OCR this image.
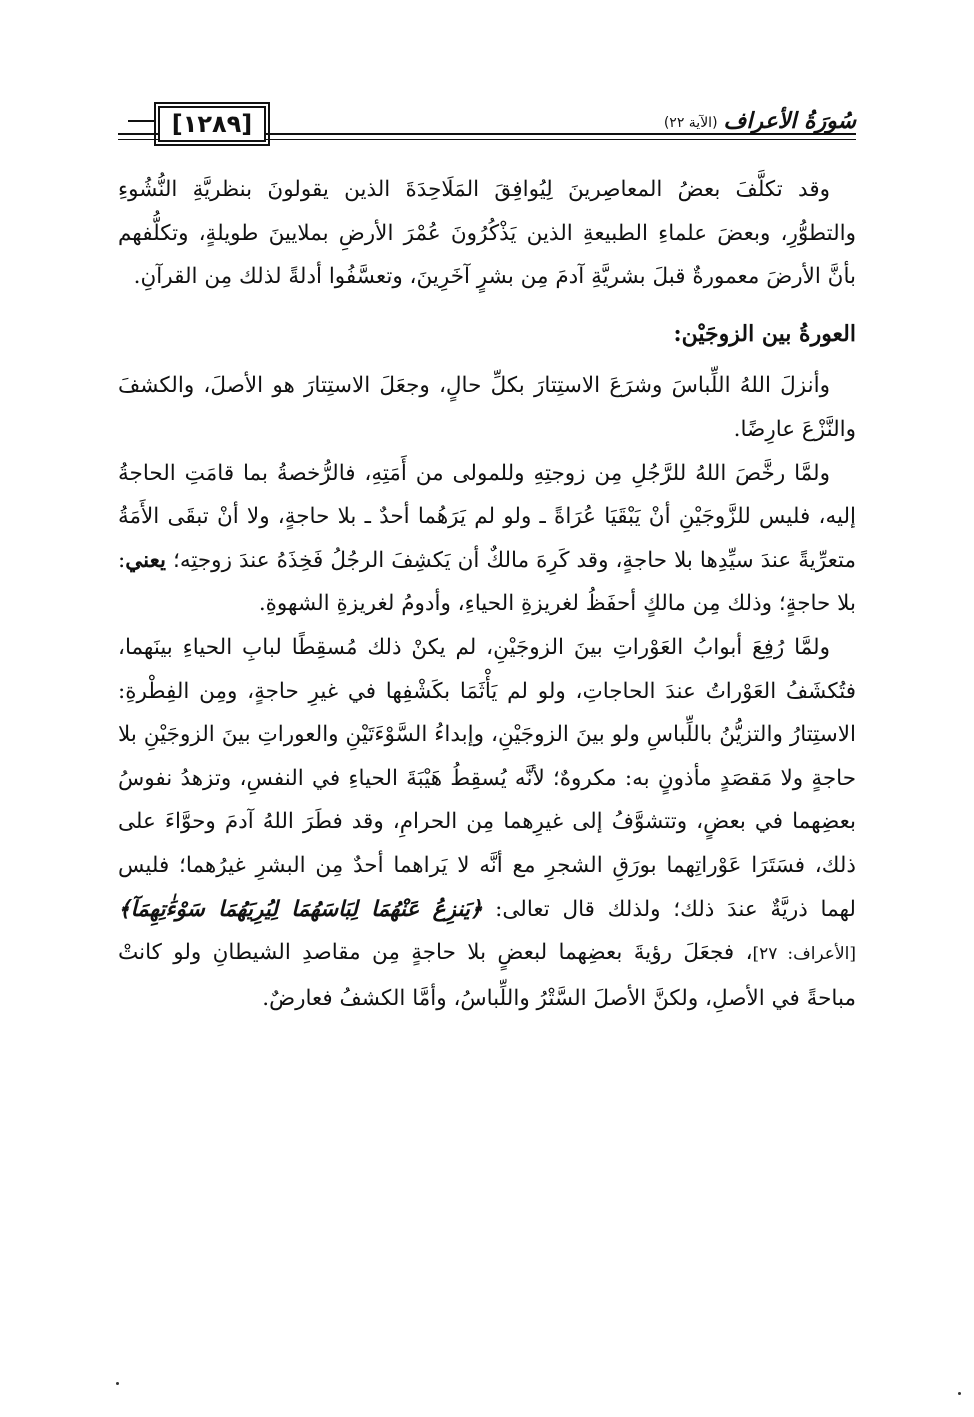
سُورَةُ الأعراف
(الآية ٢٢)
[١٢٨٩]

وقد تكلَّفَ بعضُ المعاصِرينَ لِيُوافِقَ المَلَاحِدَةَ الذين يقولونَ بنظريَّةِ النُّشُوءِ والتطوُّرِ، وبعضَ علماءِ الطبيعةِ الذين يَذْكُرُونَ عُمْرَ الأرضِ بملايينَ طويلةٍ، وتكلُّفهم بأنَّ الأرضَ معمورةٌ قبلَ بشريَّةِ آدمَ مِن بشرٍ آخَرِينَ، وتعسَّفُوا أدلةً لذلك مِن القرآنِ.

العورةُ بين الزوجَيْن:

وأنزلَ اللهُ اللِّباسَ وشرَعَ الاستِتارَ بكلِّ حالٍ، وجعَلَ الاستِتارَ هو الأصلَ، والكشفَ والنَّزْعَ عارِضًا.

ولمَّا رخَّصَ اللهُ للرَّجُلِ مِن زوجتِهِ وللمولى من أَمَتِهِ، فالرُّخصةُ بما قامَتِ الحاجةُ إليه، فليس للزَّوجَيْنِ أنْ يَبْقَيَا عُرَاةً ـ ولو لم يَرَهُما أحدٌ ـ بلا حاجةٍ، ولا أنْ تبقَى الأَمَةُ متعرِّيةً عندَ سيِّدِها بلا حاجةٍ، وقد كَرِهَ مالكٌ أن يَكشِفَ الرجُلُ فَخِذَهُ عندَ زوجتِه؛ يعني: بلا حاجةٍ؛ وذلك مِن مالكٍ أحفَظُ لغريزةِ الحياءِ، وأدومُ لغريزةِ الشهوةِ.

ولمَّا رُفِعَ أبوابُ العَوْراتِ بينَ الزوجَيْنِ، لم يكنْ ذلك مُسقِطًا لبابِ الحياءِ بينَهما، فتُكشَفُ العَوْراتُ عندَ الحاجاتِ، ولو لم يَأْثَمَا بكَشْفِها في غيرِ حاجةٍ، ومِن الفِطْرةِ: الاستِتارُ والتزيُّنُ باللِّباسِ ولو بينَ الزوجَيْنِ، وإبداءُ السَّوْءَتَيْنِ والعوراتِ بينَ الزوجَيْنِ بلا حاجةٍ ولا مَقصَدٍ مأذونٍ به: مكروهٌ؛ لأنَّه يُسقِطُ هَيْبَةَ الحياءِ في النفسِ، وتزهدُ نفوسُ بعضِهما في بعضٍ، وتتشوَّفُ إلى غيرِهما مِن الحرامِ، وقد فطَرَ اللهُ آدمَ وحوَّاءَ على ذلك، فسَتَرَا عَوْراتِهما بورَقِ الشجرِ مع أنَّه لا يَراهما أحدٌ مِن البشرِ غيرُهما؛ فليس لهما ذريَّةٌ عندَ ذلك؛ ولذلك قال تعالى: ﴿يَنزِعُ عَنْهُمَا لِبَاسَهُمَا لِيُرِيَهُمَا سَوْءَٰتِهِمَآ﴾ [الأعراف: ٢٧]، فجعَلَ رؤيةَ بعضِهما لبعضٍ بلا حاجةٍ مِن مقاصدِ الشيطانِ ولو كانتْ مباحةً في الأصلِ، ولكنَّ الأصلَ السَّتْرُ واللِّباسُ، وأمَّا الكشفُ فعارضٌ.
